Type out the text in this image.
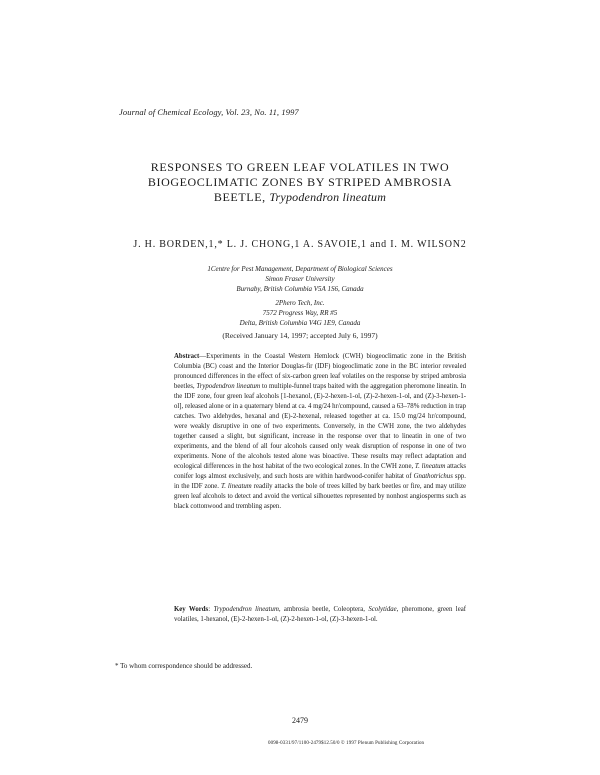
Journal of Chemical Ecology, Vol. 23, No. 11, 1997
RESPONSES TO GREEN LEAF VOLATILES IN TWO
BIOGEOCLIMATIC ZONES BY STRIPED AMBROSIA
BEETLE, Trypodendron lineatum
J. H. BORDEN,1,* L. J. CHONG,1 A. SAVOIE,1 and I. M. WILSON2
1Centre for Pest Management, Department of Biological Sciences
Simon Fraser University
Burnaby, British Columbia V5A 1S6, Canada
2Phero Tech, Inc.
7572 Progress Way, RR #5
Delta, British Columbia V4G 1E9, Canada
(Received January 14, 1997; accepted July 6, 1997)
Abstract—Experiments in the Coastal Western Hemlock (CWH) biogeoclimatic zone in the British Columbia (BC) coast and the Interior Douglas-fir (IDF) biogeoclimatic zone in the BC interior revealed pronounced differences in the effect of six-carbon green leaf volatiles on the response by striped ambrosia beetles, Trypodendron lineatum to multiple-funnel traps baited with the aggregation pheromone lineatin. In the IDF zone, four green leaf alcohols [1-hexanol, (E)-2-hexen-1-ol, (Z)-2-hexen-1-ol, and (Z)-3-hexen-1-ol], released alone or in a quaternary blend at ca. 4 mg/24 hr/compound, caused a 63–78% reduction in trap catches. Two aldehydes, hexanal and (E)-2-hexenal, released together at ca. 15.0 mg/24 hr/compound, were weakly disruptive in one of two experiments. Conversely, in the CWH zone, the two aldehydes together caused a slight, but significant, increase in the response over that to lineatin in one of two experiments, and the blend of all four alcohols caused only weak disruption of response in one of two experiments. None of the alcohols tested alone was bioactive. These results may reflect adaptation and ecological differences in the host habitat of the two ecological zones. In the CWH zone, T. lineatum attacks conifer logs almost exclusively, and such hosts are within hardwood-conifer habitat of Gnathotrichus spp. in the IDF zone. T. lineatum readily attacks the bole of trees killed by bark beetles or fire, and may utilize green leaf alcohols to detect and avoid the vertical silhouettes represented by nonhost angiosperms such as black cottonwood and trembling aspen.
Key Words: Trypodendron lineatum, ambrosia beetle, Coleoptera, Scolytidae, pheromone, green leaf volatiles, 1-hexanol, (E)-2-hexen-1-ol, (Z)-2-hexen-1-ol, (Z)-3-hexen-1-ol.
* To whom correspondence should be addressed.
2479
0098-0331/97/1100-2479$12.50/0 © 1997 Plenum Publishing Corporation
